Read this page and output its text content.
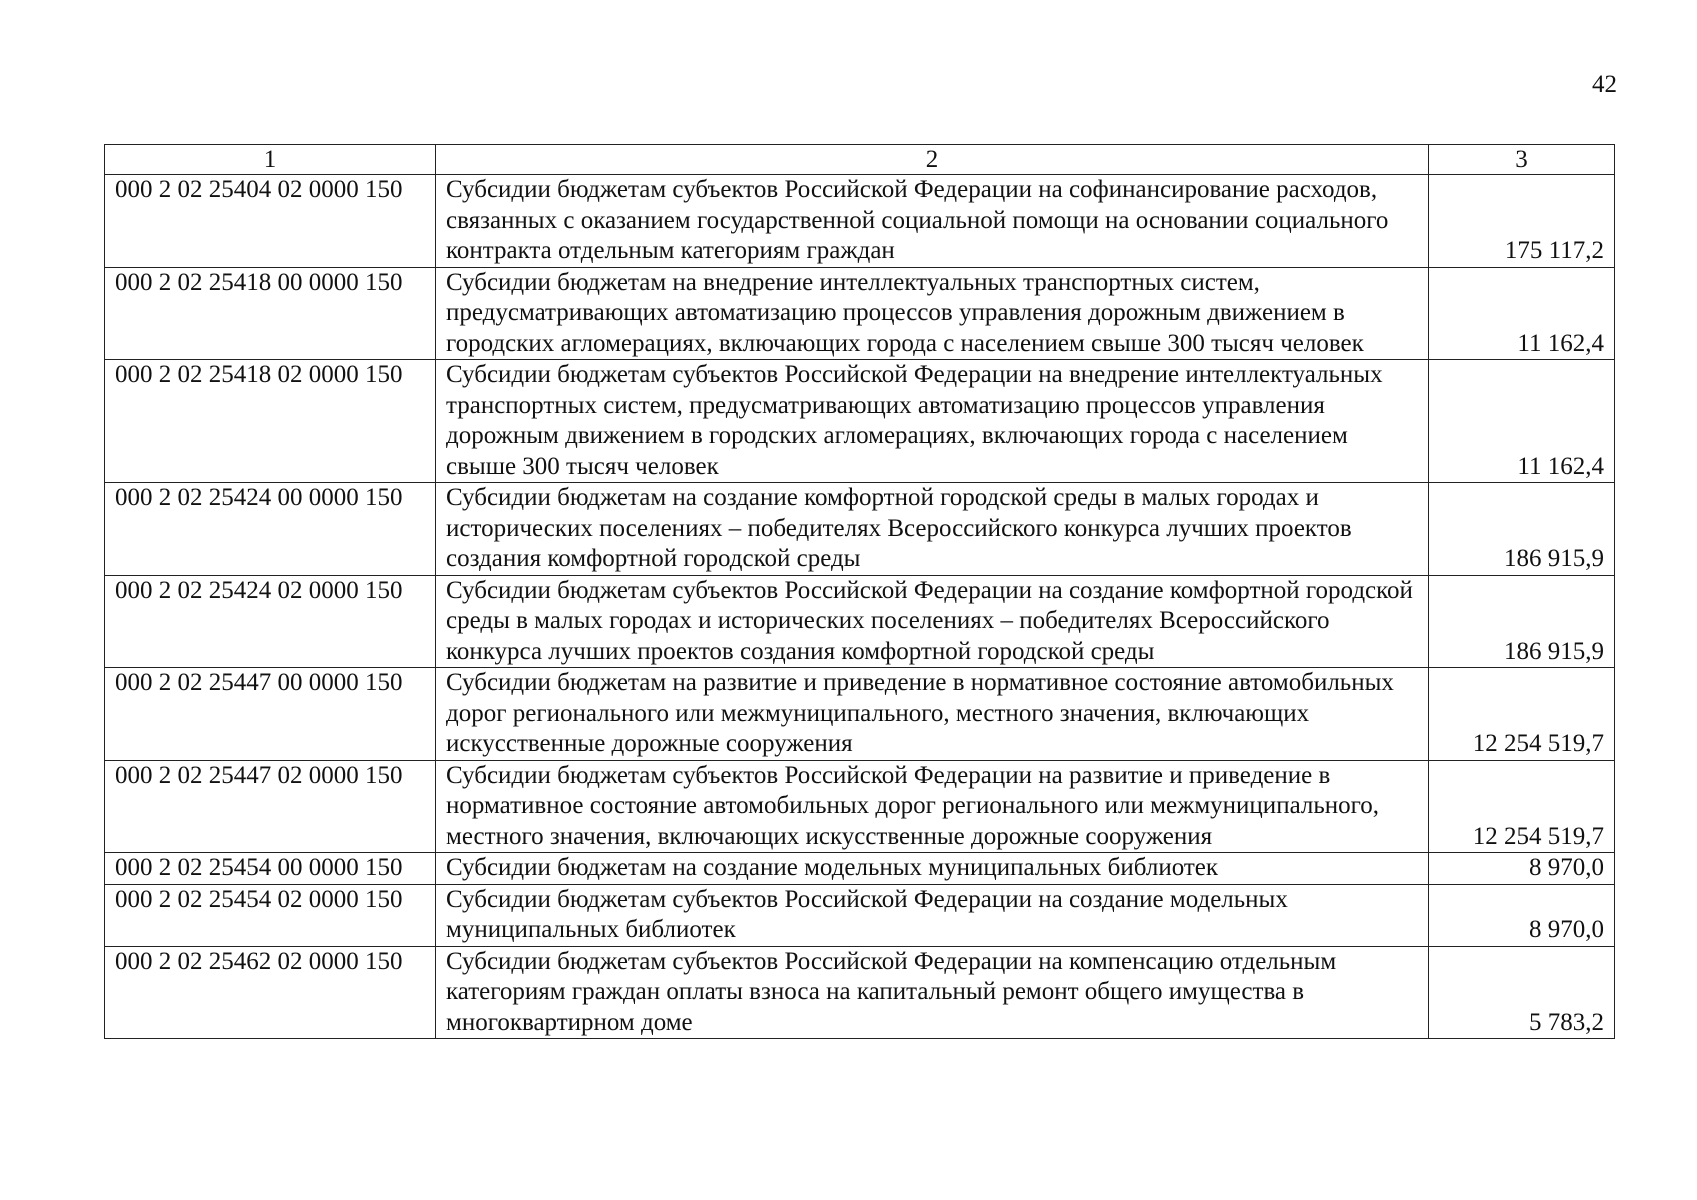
42
1	2	3
000 2 02 25404 02 0000 150	Субсидии бюджетам субъектов Российской Федерации на софинансирование расходов, связанных с оказанием государственной социальной помощи на основании социального контракта отдельным категориям граждан	175 117,2
000 2 02 25418 00 0000 150	Субсидии бюджетам на внедрение интеллектуальных транспортных систем, предусматривающих автоматизацию процессов управления дорожным движением в городских агломерациях, включающих города с населением свыше 300 тысяч человек	11 162,4
000 2 02 25418 02 0000 150	Субсидии бюджетам субъектов Российской Федерации на внедрение интеллектуальных транспортных систем, предусматривающих автоматизацию процессов управления дорожным движением в городских агломерациях, включающих города с населением свыше 300 тысяч человек	11 162,4
000 2 02 25424 00 0000 150	Субсидии бюджетам на создание комфортной городской среды в малых городах и исторических поселениях – победителях Всероссийского конкурса лучших проектов создания комфортной городской среды	186 915,9
000 2 02 25424 02 0000 150	Субсидии бюджетам субъектов Российской Федерации на создание комфортной городской среды в малых городах и исторических поселениях – победителях Всероссийского конкурса лучших проектов создания комфортной городской среды	186 915,9
000 2 02 25447 00 0000 150	Субсидии бюджетам на развитие и приведение в нормативное состояние автомобильных дорог регионального или межмуниципального, местного значения, включающих искусственные дорожные сооружения	12 254 519,7
000 2 02 25447 02 0000 150	Субсидии бюджетам субъектов Российской Федерации на развитие и приведение в нормативное состояние автомобильных дорог регионального или межмуниципального, местного значения, включающих искусственные дорожные сооружения	12 254 519,7
000 2 02 25454 00 0000 150	Субсидии бюджетам на создание модельных муниципальных библиотек	8 970,0
000 2 02 25454 02 0000 150	Субсидии бюджетам субъектов Российской Федерации на создание модельных муниципальных библиотек	8 970,0
000 2 02 25462 02 0000 150	Субсидии бюджетам субъектов Российской Федерации на компенсацию отдельным категориям граждан оплаты взноса на капитальный ремонт общего имущества в многоквартирном доме	5 783,2
